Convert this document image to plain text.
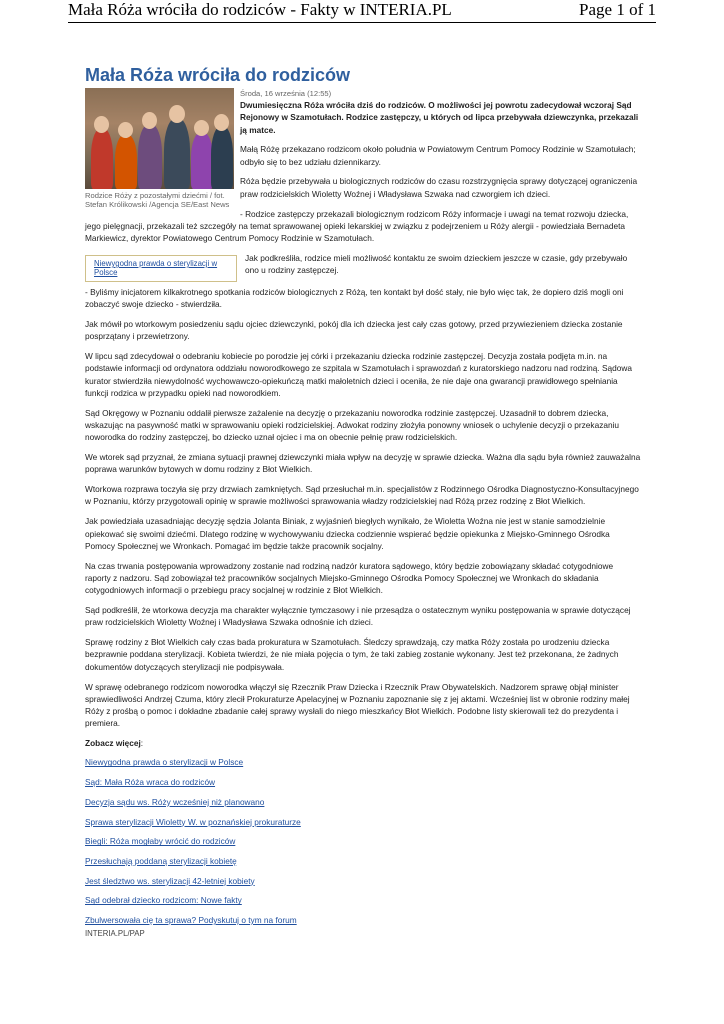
Mała Róża wróciła do rodziców - Fakty w INTERIA.PL	Page 1 of 1
Mała Róża wróciła do rodziców
Rodzice Róży z pozostałymi dziećmi / fot. Stefan Królikowski /Agencja SE/East News
Środa, 16 września (12:55)

Dwumiesięczna Róża wróciła dziś do rodziców. O możliwości jej powrotu zadecydował wczoraj Sąd Rejonowy w Szamotułach. Rodzice zastępczy, u których od lipca przebywała dziewczynka, przekazali ją matce.

Małą Różę przekazano rodzicom około południa w Powiatowym Centrum Pomocy Rodzinie w Szamotułach; odbyło się to bez udziału dziennikarzy.

Róża będzie przebywała u biologicznych rodziców do czasu rozstrzygnięcia sprawy dotyczącej ograniczenia praw rodzicielskich Wioletty Woźnej i Władysława Szwaka nad czworgiem ich dzieci.

- Rodzice zastępczy przekazali biologicznym rodzicom Róży informacje i uwagi na temat rozwoju dziecka, jego pielęgnacji, przekazali też szczegóły na temat sprawowanej opieki lekarskiej w związku z podejrzeniem u Róży alergii - powiedziała Bernadeta Markiewicz, dyrektor Powiatowego Centrum Pomocy Rodzinie w Szamotułach.

Niewygodna prawda o sterylizacji w Polsce

Jak podkreśliła, rodzice mieli możliwość kontaktu ze swoim dzieckiem jeszcze w czasie, gdy przebywało ono u rodziny zastępczej.

- Byliśmy inicjatorem kilkakrotnego spotkania rodziców biologicznych z Różą, ten kontakt był dość stały, nie było więc tak, że dopiero dziś mogli oni zobaczyć swoje dziecko - stwierdziła.

Jak mówił po wtorkowym posiedzeniu sądu ojciec dziewczynki, pokój dla ich dziecka jest cały czas gotowy, przed przywiezieniem dziecka zostanie posprzątany i przewietrzony.

W lipcu sąd zdecydował o odebraniu kobiecie po porodzie jej córki i przekazaniu dziecka rodzinie zastępczej. Decyzja została podjęta m.in. na podstawie informacji od ordynatora oddziału noworodkowego ze szpitala w Szamotułach i sprawozdań z kuratorskiego nadzoru nad rodziną. Sądowa kurator stwierdziła niewydolność wychowawczo-opiekuńczą matki małoletnich dzieci i oceniła, że nie daje ona gwarancji prawidłowego spełniania funkcji rodzica w przypadku opieki nad noworodkiem.

Sąd Okręgowy w Poznaniu oddalił pierwsze zażalenie na decyzję o przekazaniu noworodka rodzinie zastępczej. Uzasadnił to dobrem dziecka, wskazując na pasywność matki w sprawowaniu opieki rodzicielskiej. Adwokat rodziny złożyła ponowny wniosek o uchylenie decyzji o przekazaniu noworodka do rodziny zastępczej, bo dziecko uznał ojciec i ma on obecnie pełnię praw rodzicielskich.

We wtorek sąd przyznał, że zmiana sytuacji prawnej dziewczynki miała wpływ na decyzję w sprawie dziecka. Ważna dla sądu była również zauważalna poprawa warunków bytowych w domu rodziny z Błot Wielkich.

Wtorkowa rozprawa toczyła się przy drzwiach zamkniętych. Sąd przesłuchał m.in. specjalistów z Rodzinnego Ośrodka Diagnostyczno-Konsultacyjnego w Poznaniu, którzy przygotowali opinię w sprawie możliwości sprawowania władzy rodzicielskiej nad Różą przez rodzinę z Błot Wielkich.

Jak powiedziała uzasadniając decyzję sędzia Jolanta Biniak, z wyjaśnień biegłych wynikało, że Wioletta Woźna nie jest w stanie samodzielnie opiekować się swoimi dziećmi. Dlatego rodzinę w wychowywaniu dziecka codziennie wspierać będzie opiekunka z Miejsko-Gminnego Ośrodka Pomocy Społecznej we Wronkach. Pomagać im będzie także pracownik socjalny.

Na czas trwania postępowania wprowadzony zostanie nad rodziną nadzór kuratora sądowego, który będzie zobowiązany składać cotygodniowe raporty z nadzoru. Sąd zobowiązał też pracowników socjalnych Miejsko-Gminnego Ośrodka Pomocy Społecznej we Wronkach do składania cotygodniowych informacji o przebiegu pracy socjalnej w rodzinie z Błot Wielkich.

Sąd podkreślił, że wtorkowa decyzja ma charakter wyłącznie tymczasowy i nie przesądza o ostatecznym wyniku postępowania w sprawie dotyczącej praw rodzicielskich Wioletty Woźnej i Władysława Szwaka odnośnie ich dzieci.

Sprawę rodziny z Błot Wielkich cały czas bada prokuratura w Szamotułach. Śledczy sprawdzają, czy matka Róży została po urodzeniu dziecka bezprawnie poddana sterylizacji. Kobieta twierdzi, że nie miała pojęcia o tym, że taki zabieg zostanie wykonany. Jest też przekonana, że żadnych dokumentów dotyczących sterylizacji nie podpisywała.

W sprawę odebranego rodzicom noworodka włączył się Rzecznik Praw Dziecka i Rzecznik Praw Obywatelskich. Nadzorem sprawę objął minister sprawiedliwości Andrzej Czuma, który zlecił Prokuraturze Apelacyjnej w Poznaniu zapoznanie się z jej aktami. Wcześniej list w obronie rodziny małej Róży z prośbą o pomoc i dokładne zbadanie całej sprawy wysłali do niego mieszkańcy Błot Wielkich. Podobne listy skierowali też do prezydenta i premiera.

Zobacz więcej:

Niewygodna prawda o sterylizacji w Polsce
Sąd: Mała Róża wraca do rodziców
Decyzja sądu ws. Róży wcześniej niż planowano
Sprawa sterylizacji Wioletty W. w poznańskiej prokuraturze
Biegli: Róża mogłaby wrócić do rodziców
Przesłuchają poddaną sterylizacji kobietę
Jest śledztwo ws. sterylizacji 42-letniej kobiety
Sąd odebrał dziecko rodzicom: Nowe fakty
Zbulwersowała cię ta sprawa? Podyskutuj o tym na forum
INTERIA.PL/PAP
